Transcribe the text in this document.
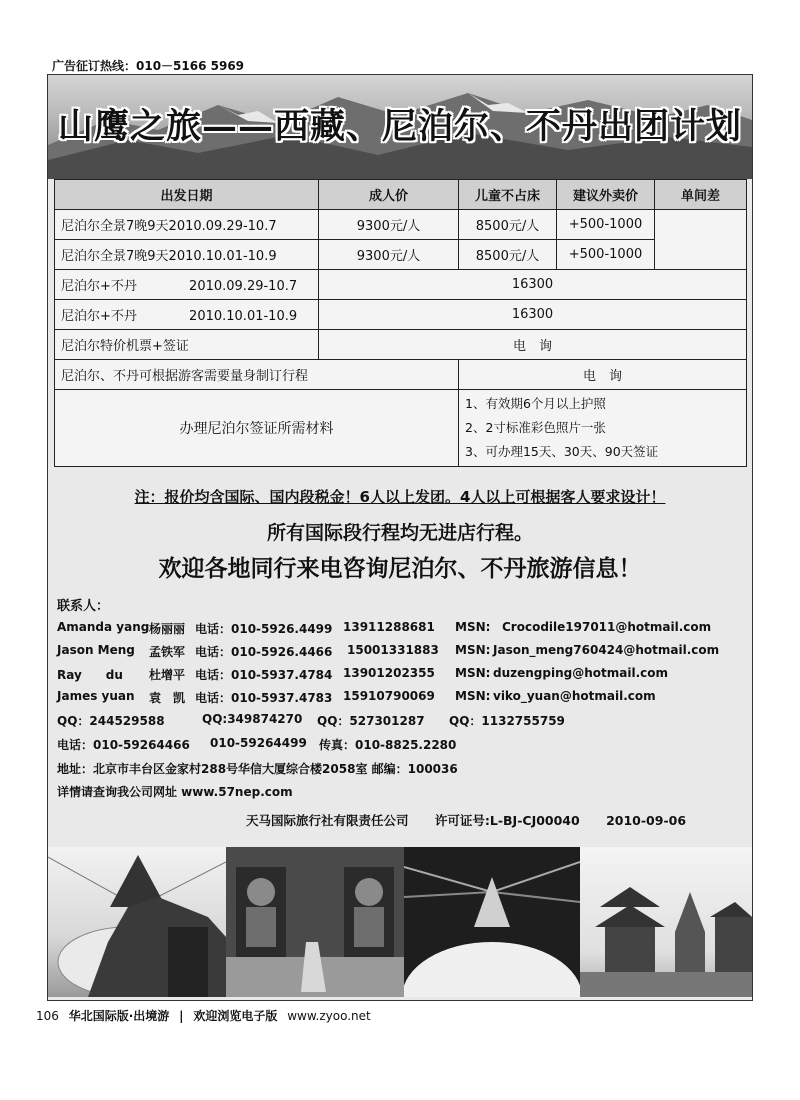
广告征订热线：010－5166 5969
山鹰之旅——西藏、尼泊尔、不丹出团计划
出发日期	成人价	儿童不占床	建议外卖价	单间差
尼泊尔全景7晚9天2010.09.29-10.7	9300元/人	8500元/人	+500-1000	
尼泊尔全景7晚9天2010.10.01-10.9	9300元/人	8500元/人	+500-1000	
尼泊尔+不丹 2010.09.29-10.7	16300			
尼泊尔+不丹 2010.10.01-10.9	16300			
尼泊尔特价机票+签证	电　询			
尼泊尔、不丹可根据游客需要量身制订行程		电　询		
办理尼泊尔签证所需材料		1、有效期6个月以上护照
2、2寸标准彩色照片一张
3、可办理15天、30天、90天签证		
注：报价均含国际、国内段税金！6人以上发团。4人以上可根据客人要求设计！
所有国际段行程均无进店行程。
欢迎各地同行来电咨询尼泊尔、不丹旅游信息！
联系人：
Amanda yang 杨丽丽 电话：010-5926.4499 13911288681 MSN: Crocodile197011@hotmail.com
Jason Meng 孟铁军 电话：010-5926.4466 15001331883 MSN: Jason_meng760424@hotmail.com
Ray　　du 杜增平 电话：010-5937.4784 13901202355 MSN: duzengping@hotmail.com
James yuan 袁　凯 电话：010-5937.4783 15910790069 MSN: viko_yuan@hotmail.com
QQ：244529588	QQ:349874270 QQ：527301287 QQ：1132755759
电话：010-59264466 010-59264499 传真：010-8825.2280
地址：北京市丰台区金家村288号华信大厦综合楼2058室 邮编：100036
详情请查询我公司网址 www.57nep.com
天马国际旅行社有限责任公司 许可证号:L-BJ-CJ00040 2010-09-06
106 华北国际版·出境游 | 欢迎浏览电子版 www.zyoo.net
